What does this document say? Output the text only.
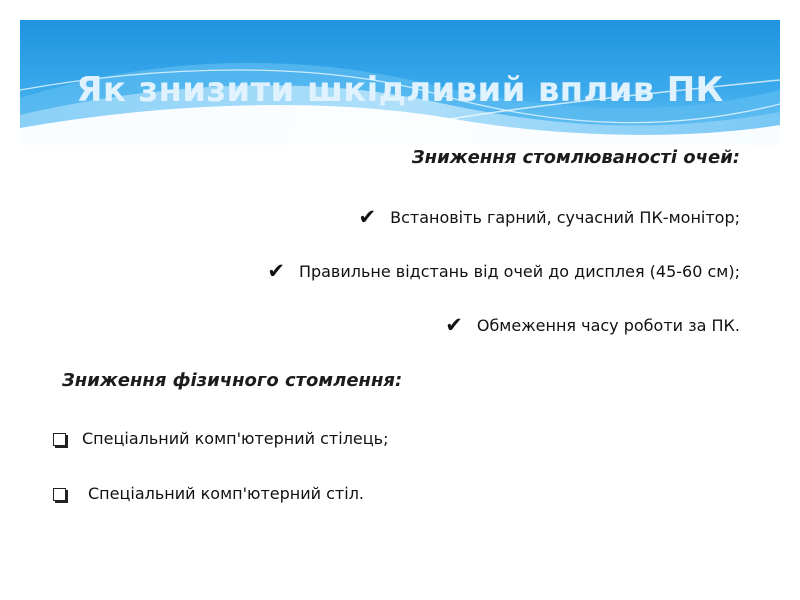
Як знизити шкідливий вплив ПК
Зниження стомлюваності очей:
✔ Встановіть гарний, сучасний ПК-монітор;
✔ Правильне відстань від очей до дисплея (45-60 см);
✔ Обмеження часу роботи за ПК.
Зниження фізичного стомлення:
Спеціальний комп'ютерний стілець;
Спеціальний комп'ютерний стіл.
